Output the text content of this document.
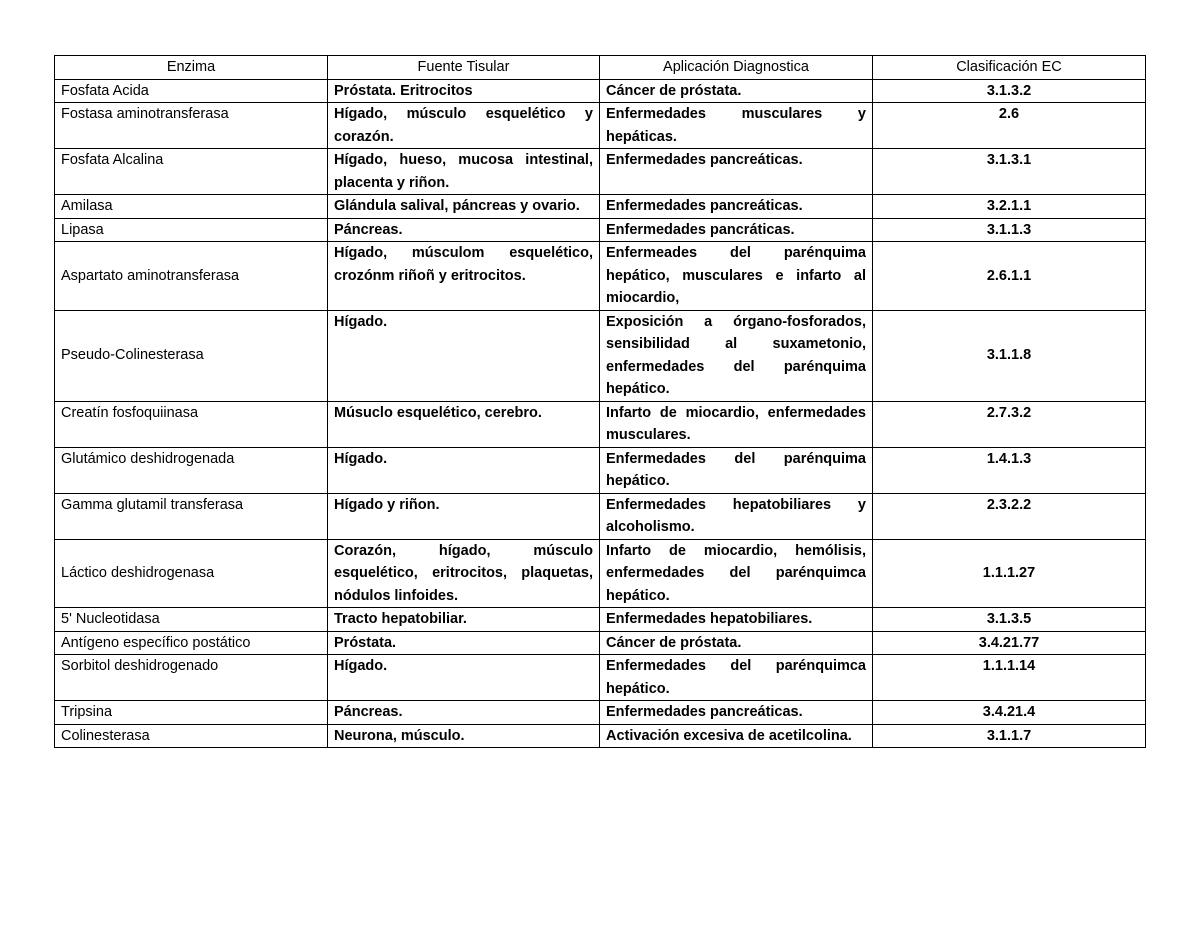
Enzima	Fuente Tisular	Aplicación Diagnostica	Clasificación EC
Fosfata Acida	Próstata. Eritrocitos	Cáncer de próstata.	3.1.3.2
Fostasa aminotransferasa	Hígado, músculo esquelético y corazón.	Enfermedades musculares y hepáticas.	2.6
Fosfata Alcalina	Hígado, hueso, mucosa intestinal, placenta y riñon.	Enfermedades pancreáticas.	3.1.3.1
Amilasa	Glándula salival, páncreas y ovario.	Enfermedades pancreáticas.	3.2.1.1
Lipasa	Páncreas.	Enfermedades pancráticas.	3.1.1.3
Aspartato aminotransferasa	Hígado, músculom esquelético, crozónm riñoñ y eritrocitos.	Enfermeades del parénquima hepático, musculares e infarto al miocardio,	2.6.1.1
Pseudo-Colinesterasa	Hígado.	Exposición a órgano-fosforados, sensibilidad al suxametonio, enfermedades del parénquima hepático.	3.1.1.8
Creatín fosfoquiinasa	Músuclo esquelético, cerebro.	Infarto de miocardio, enfermedades musculares.	2.7.3.2
Glutámico deshidrogenada	Hígado.	Enfermedades del parénquima hepático.	1.4.1.3
Gamma glutamil transferasa	Hígado y riñon.	Enfermedades hepatobiliares y alcoholismo.	2.3.2.2
Láctico deshidrogenasa	Corazón, hígado, músculo esquelético, eritrocitos, plaquetas, nódulos linfoides.	Infarto de miocardio, hemólisis, enfermedades del parénquimca hepático.	1.1.1.27
5' Nucleotidasa	Tracto hepatobiliar.	Enfermedades hepatobiliares.	3.1.3.5
Antígeno específico postático	Próstata.	Cáncer de próstata.	3.4.21.77
Sorbitol deshidrogenado	Hígado.	Enfermedades del parénquimca hepático.	1.1.1.14
Tripsina	Páncreas.	Enfermedades pancreáticas.	3.4.21.4
Colinesterasa	Neurona, músculo.	Activación excesiva de acetilcolina.	3.1.1.7
